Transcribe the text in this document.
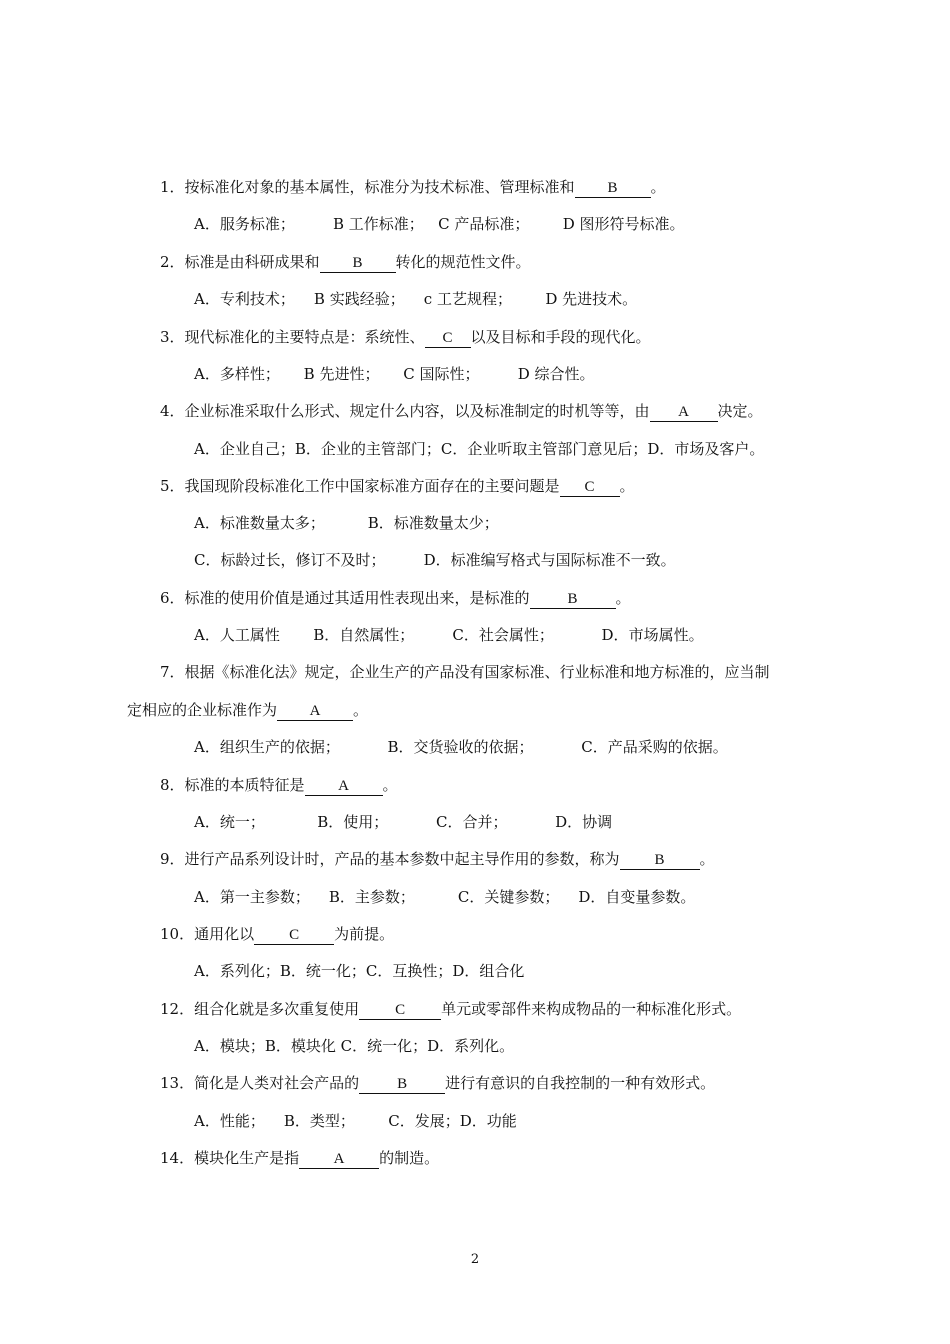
1．按标准化对象的基本属性，标准分为技术标准、管理标准和 B 。
A．服务标准；        B 工作标准；   C 产品标准；       D 图形符号标准。
2．标准是由科研成果和 B 转化的规范性文件。
A．专利技术；    B 实践经验；    c 工艺规程；       D 先进技术。
3．现代标准化的主要特点是：系统性、 C 以及目标和手段的现代化。
A．多样性；     B 先进性；     C 国际性；        D 综合性。
4．企业标准采取什么形式、规定什么内容，以及标准制定的时机等等，由 A 决定。
A．企业自己；B．企业的主管部门；C．企业听取主管部门意见后；D．市场及客户。
5．我国现阶段标准化工作中国家标准方面存在的主要问题是 C 。
A．标准数量太多；         B．标准数量太少；
C．标龄过长，修订不及时；        D．标准编写格式与国际标准不一致。
6．标准的使用价值是通过其适用性表现出来，是标准的	B	。
A．人工属性       B．自然属性；        C．社会属性；          D．市场属性。
7．根据《标准化法》规定，企业生产的产品没有国家标准、行业标准和地方标准的，应当制
定相应的企业标准作为 A 。
A．组织生产的依据；          B．交货验收的依据；          C．产品采购的依据。
8．标准的本质特征是 A 。
A．统一；           B．使用；          C．合并；          D．协调
9．进行产品系列设计时，产品的基本参数中起主导作用的参数，称为 B 。
A．第一主参数；    B．主参数；         C．关键参数；    D．自变量参数。
10．通用化以 C 为前提。
A．系列化；B．统一化；C．互换性；D．组合化
12．组合化就是多次重复使用 C 单元或零部件来构成物品的一种标准化形式。
A．模块；B．模块化 C．统一化；D．系列化。
13．简化是人类对社会产品的	B	进行有意识的自我控制的一种有效形式。
A．性能；    B．类型；       C．发展；D．功能
14．模块化生产是指 A 的制造。
2
